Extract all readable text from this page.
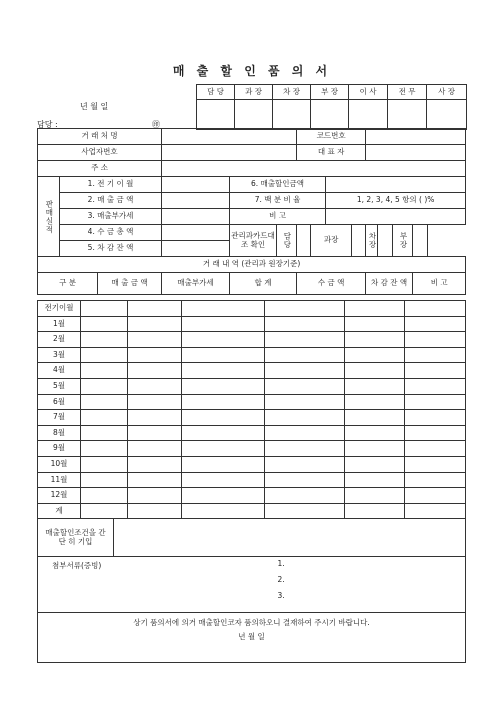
매 출 할 인 품 의 서
담 당	과 장	차 장	부 장	이 사	전 무	사 장

년 월 일
담당 :	㊞
거 래 처 명						코드번호							
사업자번호						대 표 자							
주 소													
판매실적	1. 전 기 이 월			6. 매출할인금액									
	2. 매 출 금 액			7. 백 분 비 율				1, 2, 3, 4, 5 항의 ( )%					
	3. 매출부가세			비 고									
	4. 수 금 총 액			관리과카드대조 확인	담당		과장			차장		부장	
	5. 차 감 잔 액												
거 래 내 역 (관리과 원장기준)													
구 분		매 출 금 액	매출부가세	합 계		수 금 액				차 감 잔 액			비 고
전기이월						
1월						
2월						
3월						
4월						
5월						
6월						
7월						
8월						
9월						
10월						
11월						
12월						
계						
매출할인조건을 간 단 히 기입	
첨부서류(증빙)	1.
2.
3.

상기 품의서에 의거 매출할인코자 품의하오니 결재하여 주시기 바랍니다.
년 월 일
